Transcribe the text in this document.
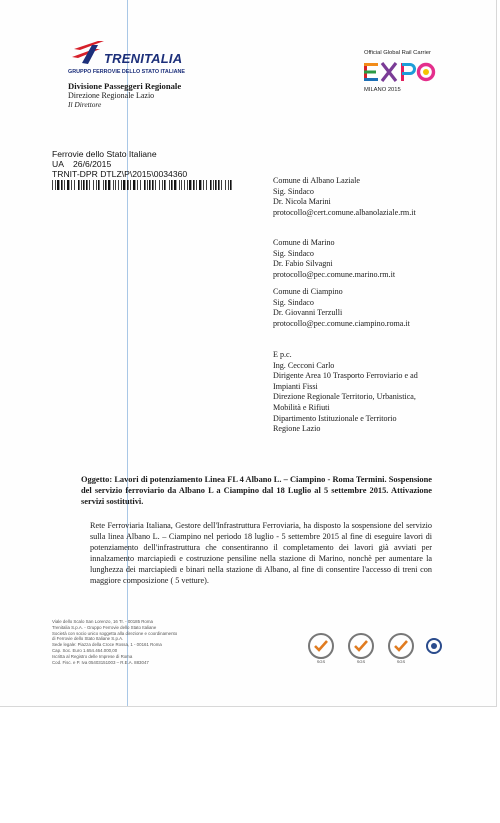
TRENITALIA
GRUPPO FERROVIE DELLO STATO ITALIANE
Divisione Passeggeri Regionale
Direzione Regionale Lazio
Il Direttore
Official Global Rail Carrier
MILANO 2015
Ferrovie dello Stato Italiane
UA    26/6/2015
TRNIT-DPR DTLZ\P\2015\0034360
Comune di Albano Laziale
Sig. Sindaco
Dr. Nicola Marini
protocollo@cert.comune.albanolaziale.rm.it
Comune di Marino
Sig. Sindaco
Dr. Fabio Silvagni
protocollo@pec.comune.marino.rm.it
Comune di Ciampino
Sig. Sindaco
Dr. Giovanni Terzulli
protocollo@pec.comune.ciampino.roma.it
E p.c.
Ing. Cecconi Carlo
Dirigente Area 10 Trasporto Ferroviario e ad
Impianti Fissi
Direzione Regionale Territorio, Urbanistica,
Mobilità e Rifiuti
Dipartimento Istituzionale e Territorio
Regione Lazio
Oggetto: Lavori di potenziamento Linea FL 4 Albano L. – Ciampino - Roma Termini. Sospensione del servizio ferroviario da Albano L a Ciampino dal 18 Luglio al 5 settembre 2015. Attivazione servizi sostitutivi.
Rete Ferroviaria Italiana, Gestore dell'Infrastruttura Ferroviaria, ha disposto la sospensione del servizio sulla linea Albano L. – Ciampino nel periodo 18 luglio - 5 settembre 2015 al fine di eseguire lavori di potenziamento dell'infrastruttura che consentiranno il completamento dei lavori già avviati per innalzamento marciapiedi e costruzione pensiline nella stazione di Marino, nonchè per aumentare la lunghezza dei marciapiedi e binari nella stazione di Albano, al fine di consentire l'accesso di treni con maggiore composizione ( 5 vetture).
Viale dello Scalo San Lorenzo, 16 Tr. - 00185 Roma
Trenitalia S.p.A. - Gruppo Ferrovie dello Stato Italiane
Società con socio unico soggetta alla direzione e coordinamento
di Ferrovie dello Stato Italiane S.p.A.
Sede legale: Piazza della Croce Rossa, 1 - 00161 Roma
Cap. Soc. Euro 1.654.464.000,00
Iscritta al Registro delle Imprese di Roma
Cod. Fisc. e P. Iva 05403151003 – R.E.A. 883047	SGS	SGS	SGS
